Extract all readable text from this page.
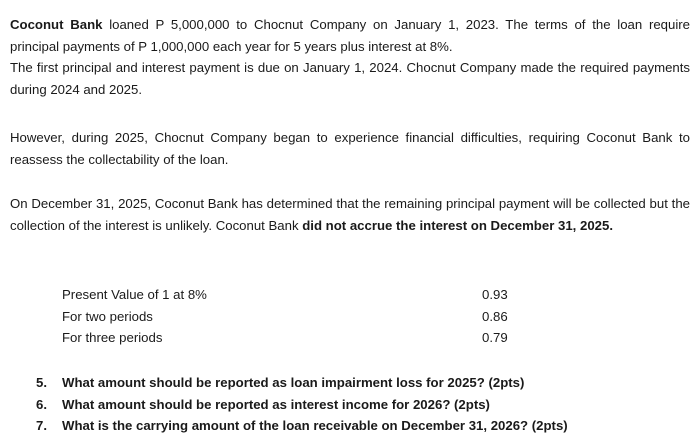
Coconut Bank loaned P 5,000,000 to Chocnut Company on January 1, 2023. The terms of the loan require principal payments of P 1,000,000 each year for 5 years plus interest at 8%.
The first principal and interest payment is due on January 1, 2024. Chocnut Company made the required payments during 2024 and 2025.
However, during 2025, Chocnut Company began to experience financial difficulties, requiring Coconut Bank to reassess the collectability of the loan.
On December 31, 2025, Coconut Bank has determined that the remaining principal payment will be collected but the collection of the interest is unlikely. Coconut Bank did not accrue the interest on December 31, 2025.
Present Value of 1 at 8%	0.93
For two periods	0.86
For three periods	0.79
5.	What amount should be reported as loan impairment loss for 2025? (2pts)
6.	What amount should be reported as interest income for 2026? (2pts)
7.	What is the carrying amount of the loan receivable on December 31, 2026? (2pts)
